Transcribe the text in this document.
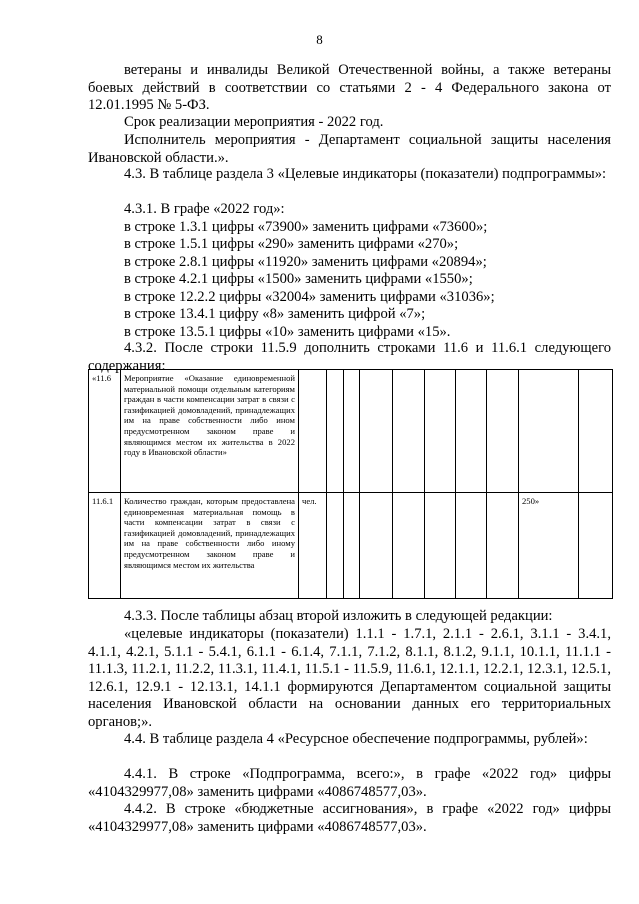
8
ветераны и инвалиды Великой Отечественной войны, а также ветераны боевых действий в соответствии со статьями 2 - 4 Федерального закона от 12.01.1995 № 5-ФЗ.
Срок реализации мероприятия - 2022 год.
Исполнитель мероприятия - Департамент социальной защиты населения Ивановской области.».
4.3. В таблице раздела 3 «Целевые индикаторы (показатели) подпрограммы»:
4.3.1. В графе «2022 год»:
в строке 1.3.1 цифры «73900» заменить цифрами «73600»;
в строке 1.5.1 цифры «290» заменить цифрами «270»;
в строке 2.8.1 цифры «11920» заменить цифрами «20894»;
в строке 4.2.1 цифры «1500» заменить цифрами «1550»;
в строке 12.2.2 цифры «32004» заменить цифрами «31036»;
в строке 13.4.1 цифру «8» заменить цифрой «7»;
в строке 13.5.1 цифры «10» заменить цифрами «15».
4.3.2. После строки 11.5.9 дополнить строками 11.6 и 11.6.1 следующего содержания:
«11.6	Мероприятие «Оказание единовременной материальной помощи отдельным категориям граждан в части компенсации затрат в связи с газификацией домовладений, принадлежащих им на праве собственности либо ином предусмотренном законом праве и являющимся местом их жительства в 2022 году в Ивановской области»										
11.6.1	Количество граждан, которым предоставлена единовременная материальная помощь в части компенсации затрат в связи с газификацией домовладений, принадлежащих им на праве собственности либо иному предусмотренном законом праве и являющимся местом их жительства	чел.								250»	
4.3.3. После таблицы абзац второй изложить в следующей редакции:
«целевые индикаторы (показатели) 1.1.1 - 1.7.1, 2.1.1 - 2.6.1, 3.1.1 - 3.4.1, 4.1.1, 4.2.1, 5.1.1 - 5.4.1, 6.1.1 - 6.1.4, 7.1.1, 7.1.2, 8.1.1, 8.1.2, 9.1.1, 10.1.1, 11.1.1 - 11.1.3, 11.2.1, 11.2.2, 11.3.1, 11.4.1, 11.5.1 - 11.5.9, 11.6.1, 12.1.1, 12.2.1, 12.3.1, 12.5.1, 12.6.1, 12.9.1 - 12.13.1, 14.1.1 формируются Департаментом социальной защиты населения Ивановской области на основании данных его территориальных органов;».
4.4. В таблице раздела 4 «Ресурсное обеспечение подпрограммы, рублей»:
4.4.1. В строке «Подпрограмма, всего:», в графе «2022 год» цифры «4104329977,08» заменить цифрами «4086748577,03».
4.4.2. В строке «бюджетные ассигнования», в графе «2022 год» цифры «4104329977,08» заменить цифрами «4086748577,03».
